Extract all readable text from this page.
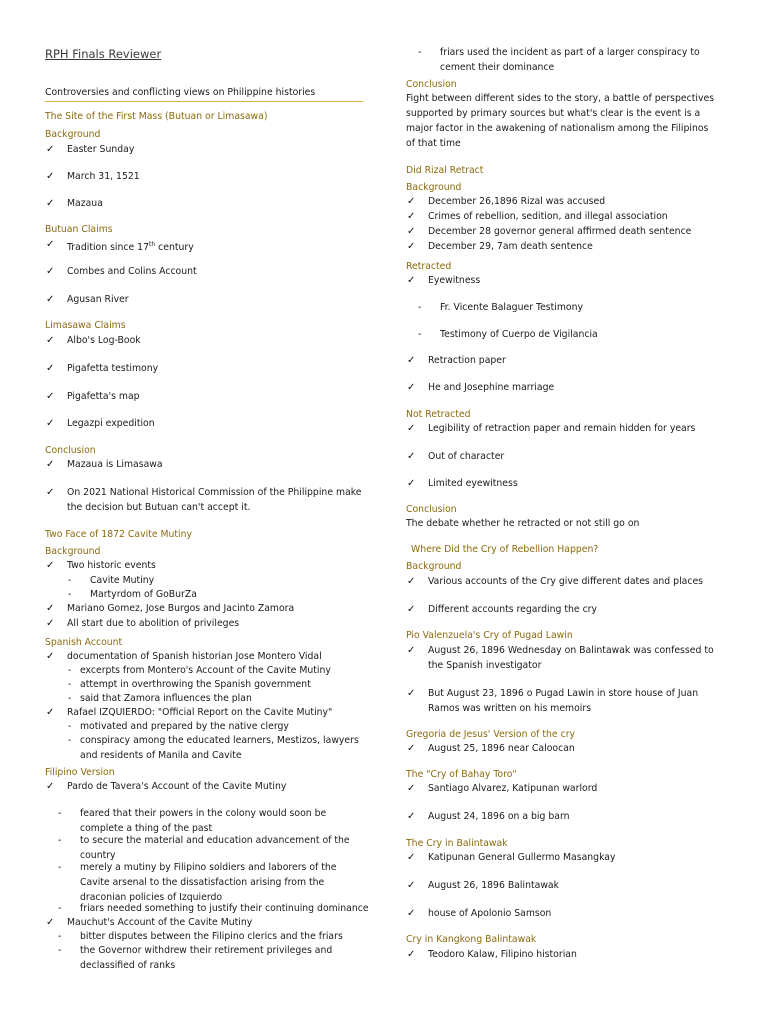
RPH Finals Reviewer
Controversies and conflicting views on Philippine histories
The Site of the First Mass (Butuan or Limasawa)
Background
✓ Easter Sunday
✓ March 31, 1521
✓ Mazaua
Butuan Claims
✓ Tradition since 17th century
✓ Combes and Colins Account
✓ Agusan River
Limasawa Claims
✓ Albo's Log-Book
✓ Pigafetta testimony
✓ Pigafetta's map
✓ Legazpi expedition
Conclusion
✓ Mazaua is Limasawa
✓ On 2021 National Historical Commission of the Philippine make the decision but Butuan can't accept it.
Two Face of 1872 Cavite Mutiny
Background
✓ Two historic events
-	Cavite Mutiny
-	Martyrdom of GoBurZa
✓ Mariano Gomez, Jose Burgos and Jacinto Zamora
✓ All start due to abolition of privileges
Spanish Account
✓ documentation of Spanish historian Jose Montero Vidal
- excerpts from Montero's Account of the Cavite Mutiny
- attempt in overthrowing the Spanish government
- said that Zamora influences the plan
✓ Rafael IZQUIERDO: "Official Report on the Cavite Mutiny"
- motivated and prepared by the native clergy
- conspiracy among the educated learners, Mestizos, lawyers and residents of Manila and Cavite
Filipino Version
✓ Pardo de Tavera's Account of the Cavite Mutiny
-	feared that their powers in the colony would soon be complete a thing of the past
-	to secure the material and education advancement of the country
-	merely a mutiny by Filipino soldiers and laborers of the Cavite arsenal to the dissatisfaction arising from the draconian policies of Izquierdo
-	friars needed something to justify their continuing dominance
✓ Mauchut's Account of the Cavite Mutiny
-	bitter disputes between the Filipino clerics and the friars
-	the Governor withdrew their retirement privileges and declassified of ranks
-	friars used the incident as part of a larger conspiracy to cement their dominance
Conclusion
Fight between different sides to the story, a battle of perspectives supported by primary sources but what's clear is the event is a major factor in the awakening of nationalism among the Filipinos of that time
Did Rizal Retract
Background
✓ December 26,1896 Rizal was accused
✓ Crimes of rebellion, sedition, and illegal association
✓ December 28 governor general affirmed death sentence
✓ December 29, 7am death sentence
Retracted
✓ Eyewitness
-	Fr. Vicente Balaguer Testimony
-	Testimony of Cuerpo de Vigilancia
✓ Retraction paper
✓ He and Josephine marriage
Not Retracted
✓ Legibility of retraction paper and remain hidden for years
✓ Out of character
✓ Limited eyewitness
Conclusion
The debate whether he retracted or not still go on
Where Did the Cry of Rebellion Happen?
Background
✓ Various accounts of the Cry give different dates and places
✓ Different accounts regarding the cry
Pio Valenzuela's Cry of Pugad Lawin
✓ August 26, 1896 Wednesday on Balintawak was confessed to the Spanish investigator
✓ But August 23, 1896 o Pugad Lawin in store house of Juan Ramos was written on his memoirs
Gregoria de Jesus' Version of the cry
✓ August 25, 1896 near Caloocan
The "Cry of Bahay Toro"
✓ Santiago Alvarez, Katipunan warlord
✓ August 24, 1896 on a big barn
The Cry in Balintawak
✓ Katipunan General Gullermo Masangkay
✓ August 26, 1896 Balintawak
✓ house of Apolonio Samson
Cry in Kangkong Balintawak
✓ Teodoro Kalaw, Filipino historian
